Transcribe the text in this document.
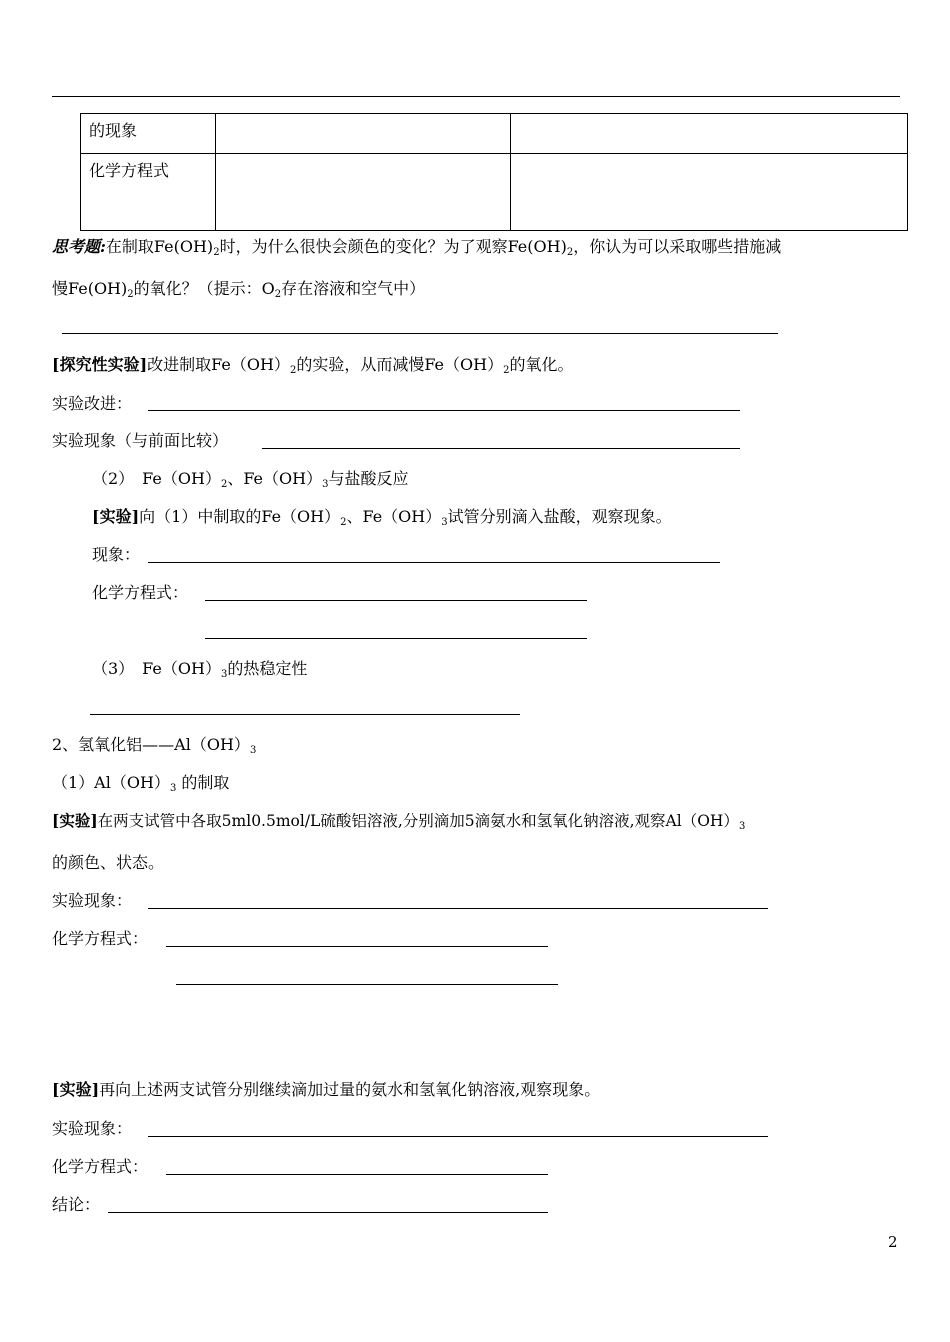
的现象		
化学方程式		
思考题:在制取$Fe(OH)_2$时，为什么很快会颜色的变化？为了观察$Fe(OH)_2$，你认为可以采取哪些措施减
慢$Fe(OH)_2$的氧化？（提示：$O_2$存在溶液和空气中）
[探究性实验]改进制取$Fe(OH)_2$的实验，从而减慢$Fe(OH)_2$的氧化。
实验改进：
实验现象（与前面比较）
（2）　$Fe(OH)_2$、$Fe(OH)_3$与盐酸反应
[实验]向（1）中制取的$Fe(OH)_2$、$Fe(OH)_3$试管分别滴入盐酸，观察现象。
现象：
化学方程式：
（3）　$Fe(OH)_3$的热稳定性
2、氢氧化铝$——Al(OH)_3$
$(1)Al(OH)_3$ 的制取
[实验]在两支试管中各取5ml0.5mol/L硫酸铝溶液,分别滴加5滴氨水和氢氧化钠溶液,观察$Al(OH)_3$
的颜色、状态。
实验现象：
化学方程式：
[实验]再向上述两支试管分别继续滴加过量的氨水和氢氧化钠溶液,观察现象。
实验现象：
化学方程式：
结论：
2
